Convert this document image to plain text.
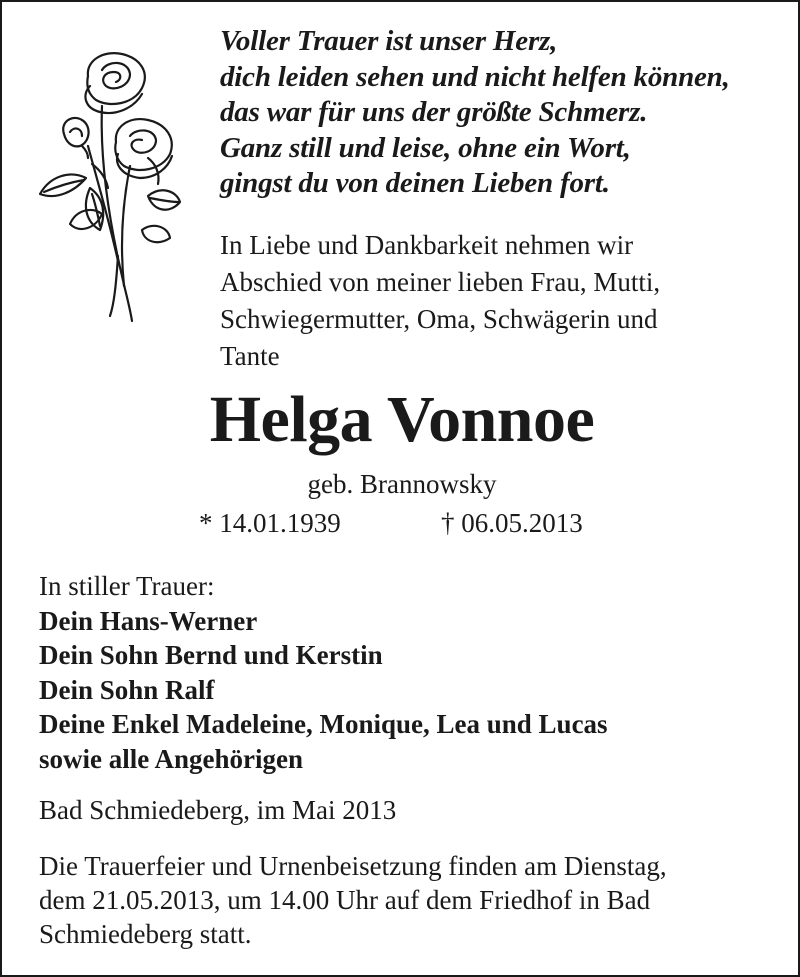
Voller Trauer ist unser Herz,
dich leiden sehen und nicht helfen können,
das war für uns der größte Schmerz.
Ganz still und leise, ohne ein Wort,
gingst du von deinen Lieben fort.
In Liebe und Dankbarkeit nehmen wir
Abschied von meiner lieben Frau, Mutti,
Schwiegermutter, Oma, Schwägerin und
Tante
Helga Vonnoe
geb. Brannowsky
* 14.01.1939	† 06.05.2013
In stiller Trauer:
Dein Hans-Werner
Dein Sohn Bernd und Kerstin
Dein Sohn Ralf
Deine Enkel Madeleine, Monique, Lea und Lucas
sowie alle Angehörigen
Bad Schmiedeberg, im Mai 2013
Die Trauerfeier und Urnenbeisetzung finden am Dienstag,
dem 21.05.2013, um 14.00 Uhr auf dem Friedhof in Bad
Schmiedeberg statt.
